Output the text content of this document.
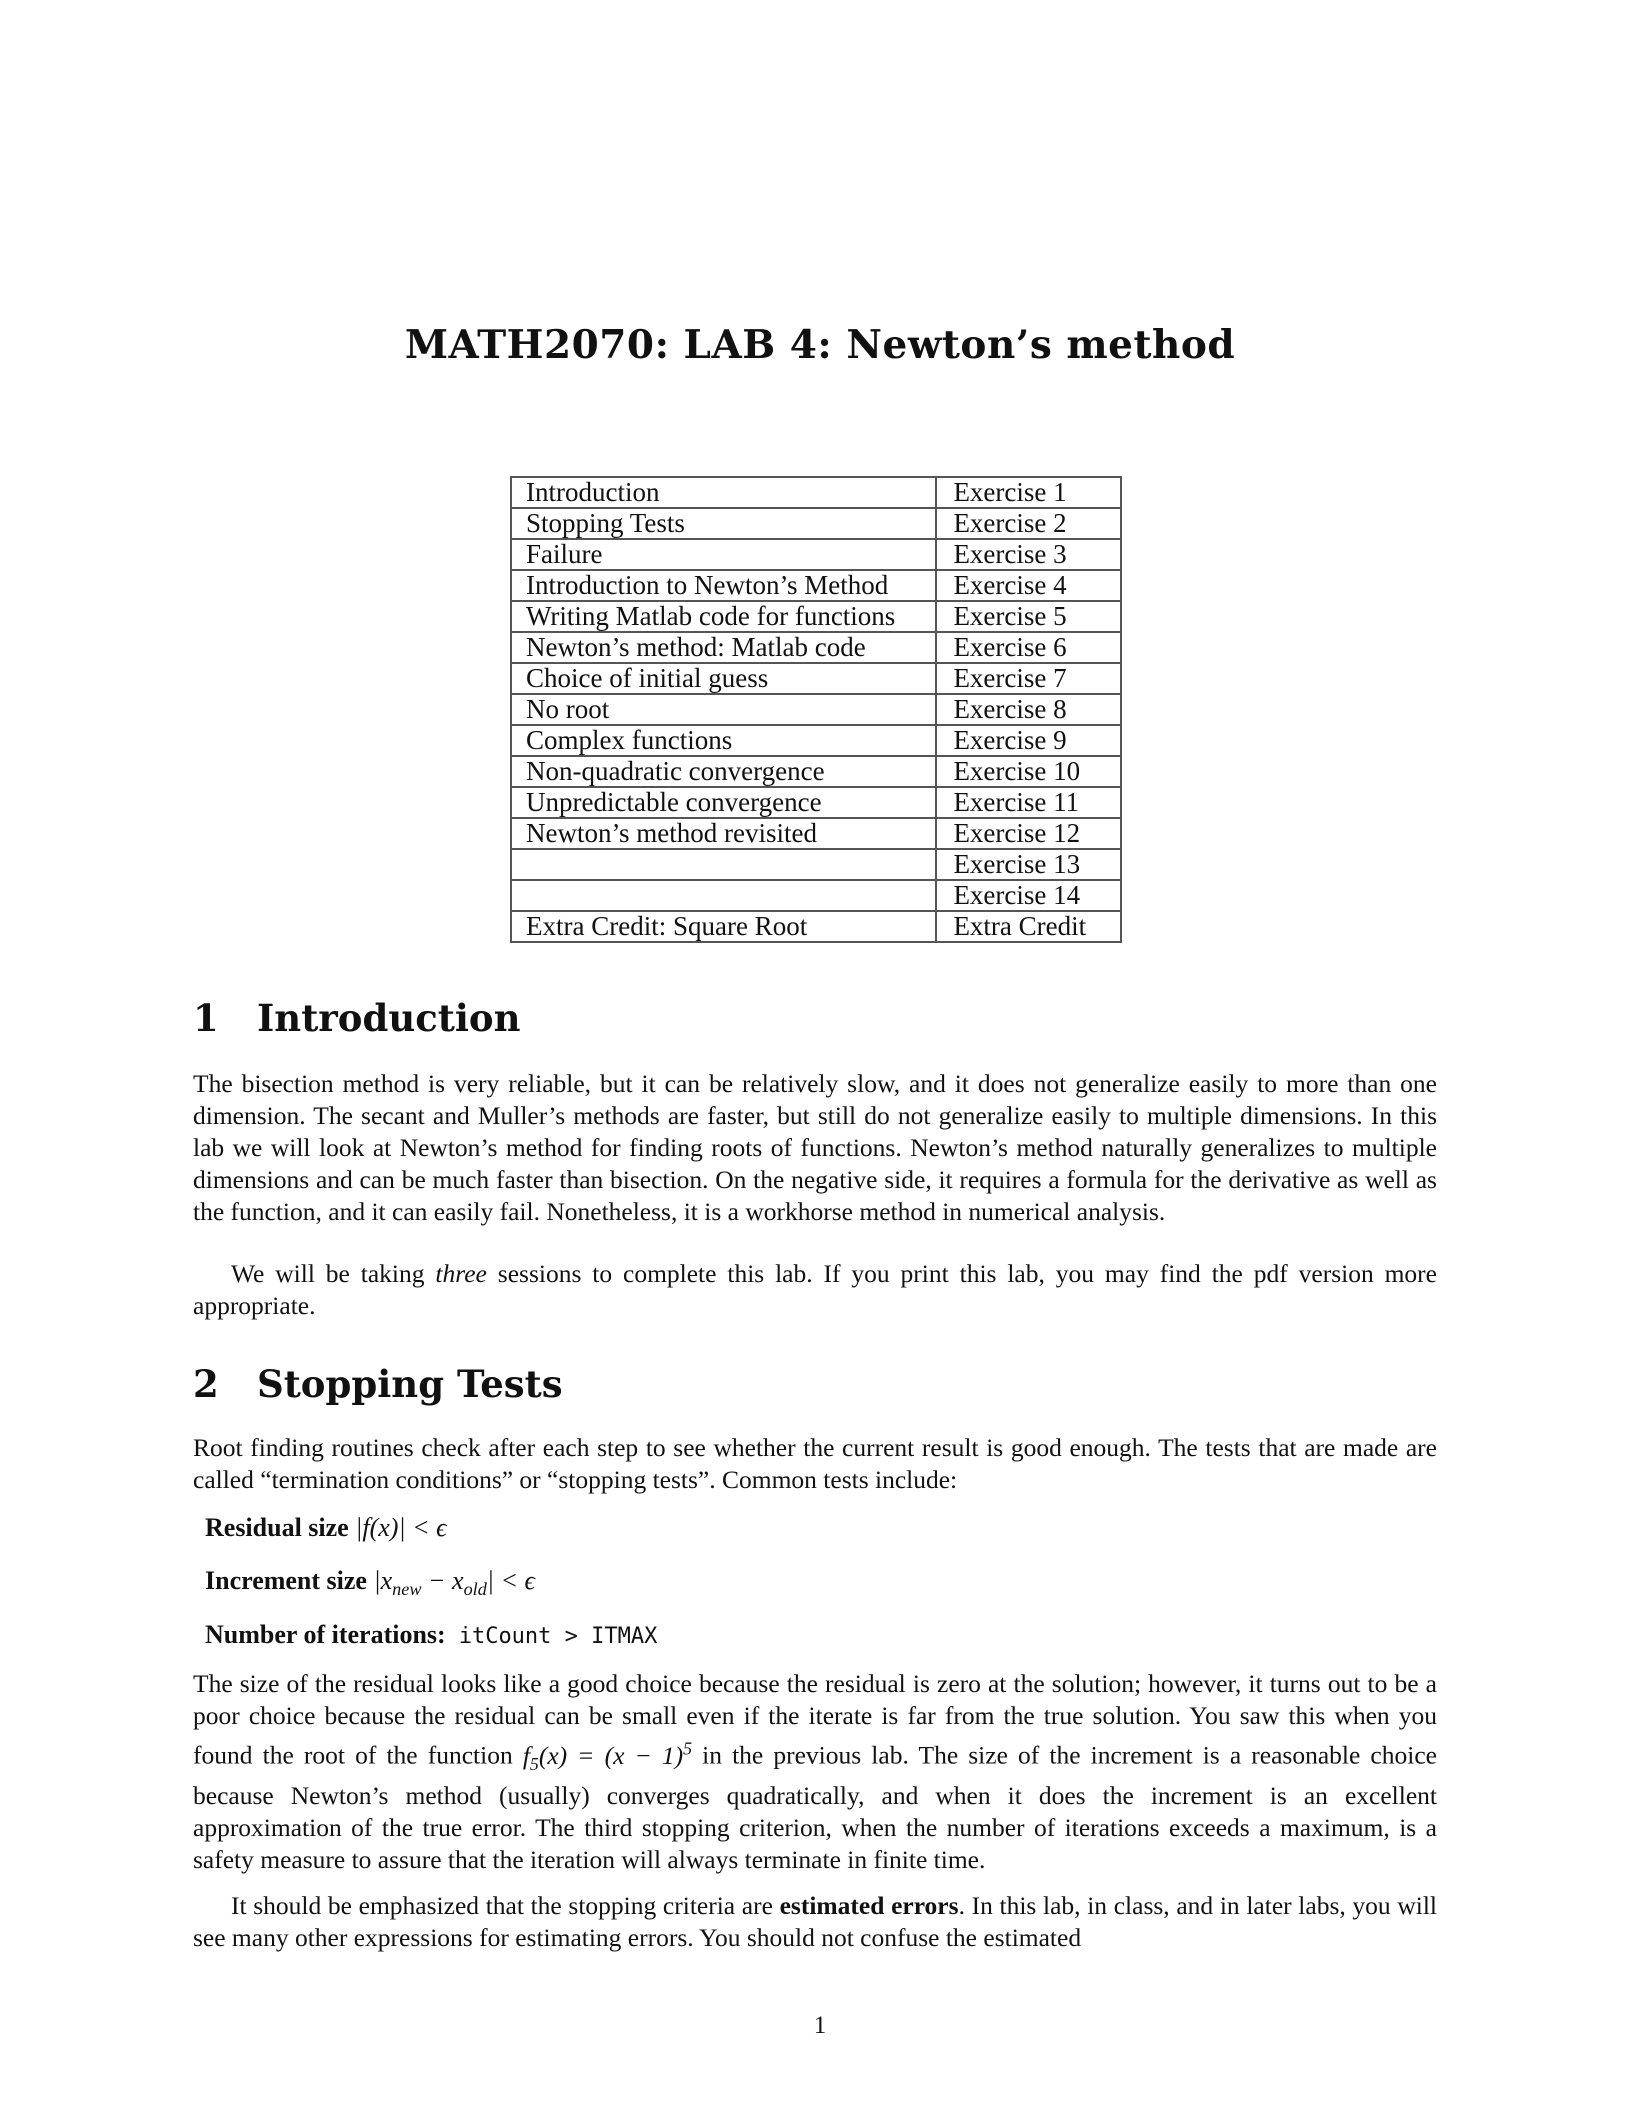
MATH2070: LAB 4: Newton’s method
Introduction	Exercise 1
Stopping Tests	Exercise 2
Failure	Exercise 3
Introduction to Newton’s Method	Exercise 4
Writing Matlab code for functions	Exercise 5
Newton’s method: Matlab code	Exercise 6
Choice of initial guess	Exercise 7
No root	Exercise 8
Complex functions	Exercise 9
Non-quadratic convergence	Exercise 10
Unpredictable convergence	Exercise 11
Newton’s method revisited	Exercise 12
	Exercise 13
	Exercise 14
Extra Credit: Square Root	Extra Credit
1 Introduction

The bisection method is very reliable, but it can be relatively slow, and it does not generalize easily to more than one dimension. The secant and Muller’s methods are faster, but still do not generalize easily to multiple dimensions. In this lab we will look at Newton’s method for finding roots of functions. Newton’s method naturally generalizes to multiple dimensions and can be much faster than bisection. On the negative side, it requires a formula for the derivative as well as the function, and it can easily fail. Nonetheless, it is a workhorse method in numerical analysis.

We will be taking three sessions to complete this lab. If you print this lab, you may find the pdf version more appropriate.

2 Stopping Tests

Root finding routines check after each step to see whether the current result is good enough. The tests that are made are called “termination conditions” or “stopping tests”. Common tests include:

Residual size |f(x)| < ϵ

Increment size $|x_{new} - x_{old}| < \epsilon$

Number of iterations: itCount > ITMAX

The size of the residual looks like a good choice because the residual is zero at the solution; however, it turns out to be a poor choice because the residual can be small even if the iterate is far from the true solution. You saw this when you found the root of the function $f_5(x) = (x - 1)^5$ in the previous lab. The size of the increment is a reasonable choice because Newton’s method (usually) converges quadratically, and when it does the increment is an excellent approximation of the true error. The third stopping criterion, when the number of iterations exceeds a maximum, is a safety measure to assure that the iteration will always terminate in finite time.

It should be emphasized that the stopping criteria are estimated errors. In this lab, in class, and in later labs, you will see many other expressions for estimating errors. You should not confuse the estimated

1
